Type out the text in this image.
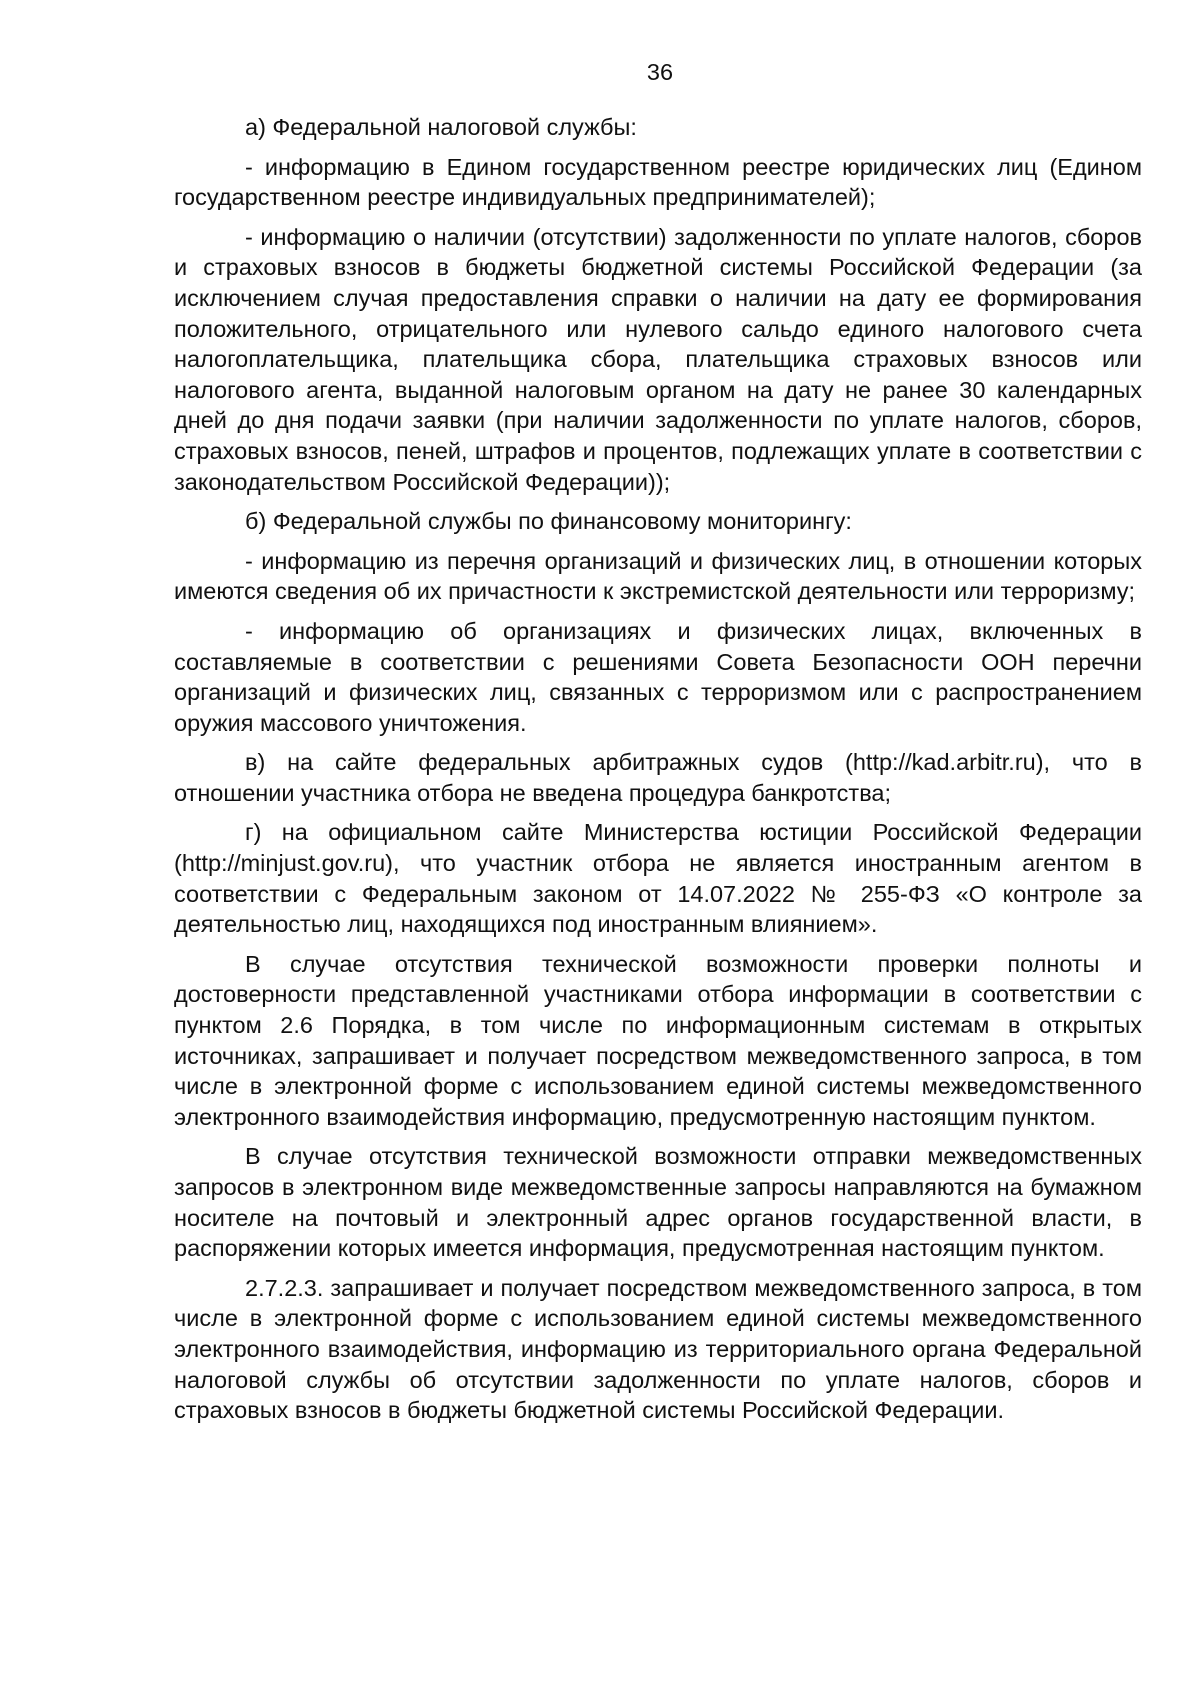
36

а) Федеральной налоговой службы:

- информацию в Едином государственном реестре юридических лиц (Едином государственном реестре индивидуальных предпринимателей);

- информацию о наличии (отсутствии) задолженности по уплате налогов, сборов и страховых взносов в бюджеты бюджетной системы Российской Федерации (за исключением случая предоставления справки о наличии на дату ее формирования положительного, отрицательного или нулевого сальдо единого налогового счета налогоплательщика, плательщика сбора, плательщика страховых взносов или налогового агента, выданной налоговым органом на дату не ранее 30 календарных дней до дня подачи заявки (при наличии задолженности по уплате налогов, сборов, страховых взносов, пеней, штрафов и процентов, подлежащих уплате в соответствии с законодательством Российской Федерации));

б) Федеральной службы по финансовому мониторингу:

- информацию из перечня организаций и физических лиц, в отношении которых имеются сведения об их причастности к экстремистской деятельности или терроризму;

- информацию об организациях и физических лицах, включенных в составляемые в соответствии с решениями Совета Безопасности ООН перечни организаций и физических лиц, связанных с терроризмом или с распространением оружия массового уничтожения.

в) на сайте федеральных арбитражных судов (http://kad.arbitr.ru), что в отношении участника отбора не введена процедура банкротства;

г) на официальном сайте Министерства юстиции Российской Федерации (http://minjust.gov.ru), что участник отбора не является иностранным агентом в соответствии с Федеральным законом от 14.07.2022 № 255-ФЗ «О контроле за деятельностью лиц, находящихся под иностранным влиянием».

В случае отсутствия технической возможности проверки полноты и достоверности представленной участниками отбора информации в соответствии с пунктом 2.6 Порядка, в том числе по информационным системам в открытых источниках, запрашивает и получает посредством межведомственного запроса, в том числе в электронной форме с использованием единой системы межведомственного электронного взаимодействия информацию, предусмотренную настоящим пунктом.

В случае отсутствия технической возможности отправки межведомственных запросов в электронном виде межведомственные запросы направляются на бумажном носителе на почтовый и электронный адрес органов государственной власти, в распоряжении которых имеется информация, предусмотренная настоящим пунктом.

2.7.2.3. запрашивает и получает посредством межведомственного запроса, в том числе в электронной форме с использованием единой системы межведомственного электронного взаимодействия, информацию из территориального органа Федеральной налоговой службы об отсутствии задолженности по уплате налогов, сборов и страховых взносов в бюджеты бюджетной системы Российской Федерации.
